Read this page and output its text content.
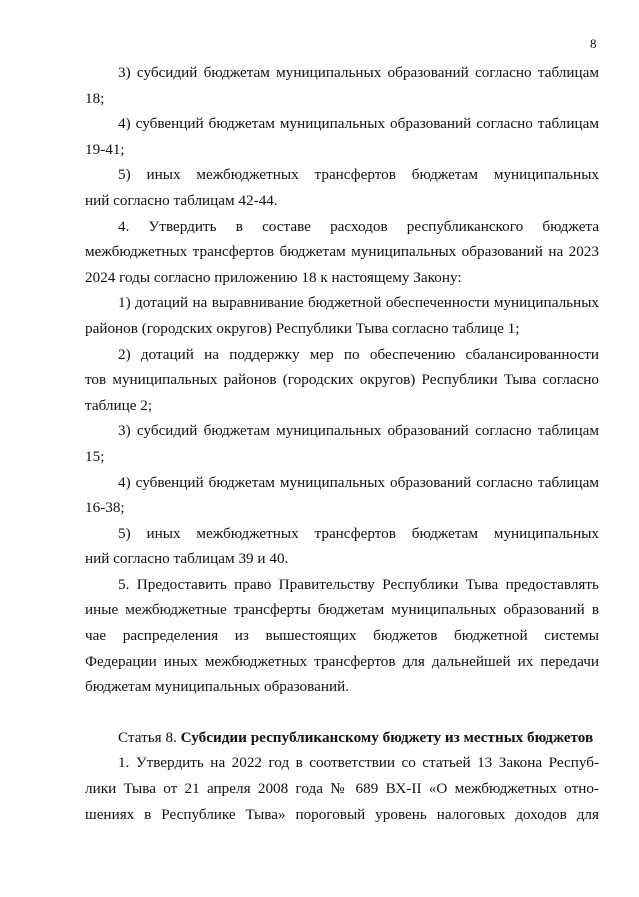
8
3) субсидий бюджетам муниципальных образований согласно таблицам
18;
4) субвенций бюджетам муниципальных образований согласно таблицам
19-41;
5) иных межбюджетных трансфертов бюджетам муниципальных
ний согласно таблицам 42-44.
4. Утвердить в составе расходов республиканского бюджета
межбюджетных трансфертов бюджетам муниципальных образований на 2023
2024 годы согласно приложению 18 к настоящему Закону:
1) дотаций на выравнивание бюджетной обеспеченности муниципальных
районов (городских округов) Республики Тыва согласно таблице 1;
2) дотаций на поддержку мер по обеспечению сбалансированности
тов муниципальных районов (городских округов) Республики Тыва согласно
таблице 2;
3) субсидий бюджетам муниципальных образований согласно таблицам
15;
4) субвенций бюджетам муниципальных образований согласно таблицам
16-38;
5) иных межбюджетных трансфертов бюджетам муниципальных
ний согласно таблицам 39 и 40.
5. Предоставить право Правительству Республики Тыва предоставлять
иные межбюджетные трансферты бюджетам муниципальных образований в
чае распределения из вышестоящих бюджетов бюджетной системы
Федерации иных межбюджетных трансфертов для дальнейшей их передачи
бюджетам муниципальных образований.
Статья 8. Субсидии республиканскому бюджету из местных бюджетов
1. Утвердить на 2022 год в соответствии со статьей 13 Закона Респуб-
лики Тыва от 21 апреля 2008 года № 689 ВХ-II «О межбюджетных отно-
шениях в Республике Тыва» пороговый уровень налоговых доходов для
